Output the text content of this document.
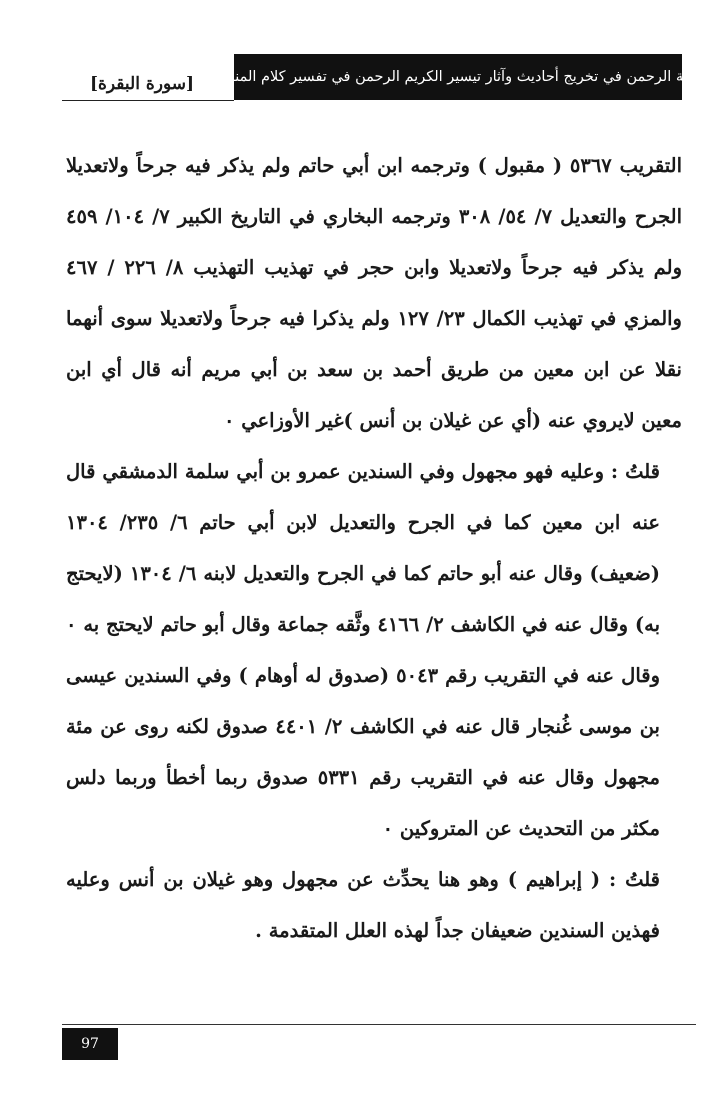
منة الرحمن في تخريج أحاديث وآثار تيسير الكريم الرحمن في تفسير كلام المنان
[سورة البقرة]

التقريب ٥٣٦٧ ( مقبول ) وترجمه ابن أبي حاتم ولم يذكر فيه جرحاً ولاتعديلا الجرح والتعديل ٧/ ٥٤/ ٣٠٨ وترجمه البخاري في التاريخ الكبير ٧/ ١٠٤/ ٤٥٩ ولم يذكر فيه جرحاً ولاتعديلا وابن حجر في تهذيب التهذيب ٨/ ٢٢٦ / ٤٦٧ والمزي في تهذيب الكمال ٢٣/ ١٢٧ ولم يذكرا فيه جرحاً ولاتعديلا سوى أنهما نقلا عن ابن معين من طريق أحمد بن سعد بن أبي مريم أنه قال أي ابن معين لايروي عنه (أي عن غيلان بن أنس )غير الأوزاعي ٠

قلتُ : وعليه فهو مجهول وفي السندين عمرو بن أبي سلمة الدمشقي قال عنه ابن معين كما في الجرح والتعديل لابن أبي حاتم ٦/ ٢٣٥/ ١٣٠٤ (ضعيف) وقال عنه أبو حاتم كما في الجرح والتعديل لابنه ٦/ ١٣٠٤ (لايحتج به) وقال عنه في الكاشف ٢/ ٤١٦٦ وثَّقه جماعة وقال أبو حاتم لايحتج به ٠ وقال عنه في التقريب رقم ٥٠٤٣ (صدوق له أوهام ) وفي السندين عيسى بن موسى غُنجار قال عنه في الكاشف ٢/ ٤٤٠١ صدوق لكنه روى عن مئة مجهول وقال عنه في التقريب رقم ٥٣٣١ صدوق ربما أخطأ وربما دلس مكثر من التحديث عن المتروكين ٠

قلتُ : ( إبراهيم ) وهو هنا يحدِّث عن مجهول وهو غيلان بن أنس وعليه فهذين السندين ضعيفان جداً لهذه العلل المتقدمة .

97
